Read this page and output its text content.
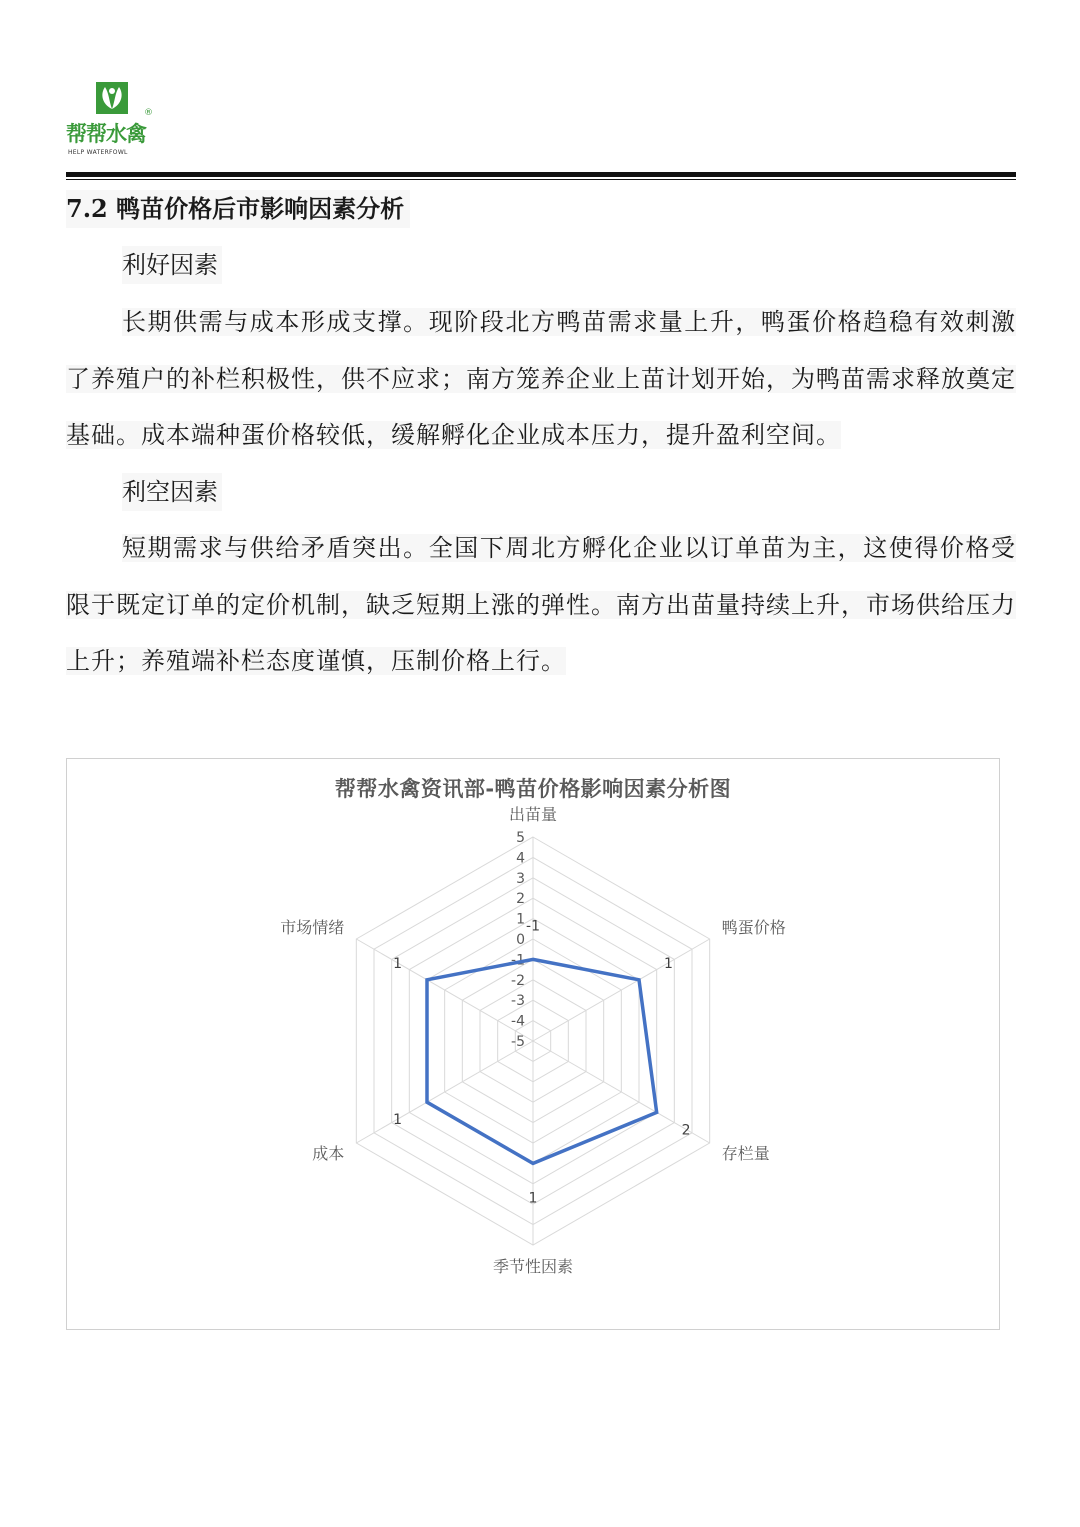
®
帮帮水禽
HELP WATERFOWL
7.2 鸭苗价格后市影响因素分析
利好因素
长期供需与成本形成支撑。现阶段北方鸭苗需求量上升，鸭蛋价格趋稳有效刺激了养殖户的补栏积极性，供不应求；南方笼养企业上苗计划开始，为鸭苗需求释放奠定基础。成本端种蛋价格较低，缓解孵化企业成本压力，提升盈利空间。
利空因素
短期需求与供给矛盾突出。全国下周北方孵化企业以订单苗为主，这使得价格受限于既定订单的定价机制，缺乏短期上涨的弹性。南方出苗量持续上升，市场供给压力上升；养殖端补栏态度谨慎，压制价格上行。
帮帮水禽资讯部-鸭苗价格影响因素分析图
5
4
3
2
1
0
-1
-2
-3
-4
-5
-1
1
2
1
1
1
出苗量
鸭蛋价格
存栏量
季节性因素
成本
市场情绪
